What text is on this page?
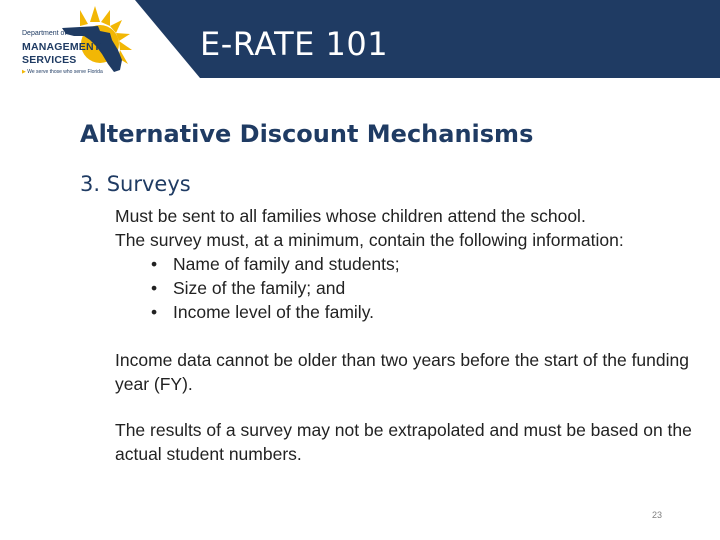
Department of
MANAGEMENT
SERVICES
▶ We serve those who serve Florida
E-RATE 101
Alternative Discount Mechanisms
3. Surveys
Must be sent to all families whose children attend the school.
The survey must, at a minimum, contain the following information:
• Name of family and students;
• Size of the family; and
• Income level of the family.
Income data cannot be older than two years before the start of the funding year (FY).
The results of a survey may not be extrapolated and must be based on the actual student numbers.
23
